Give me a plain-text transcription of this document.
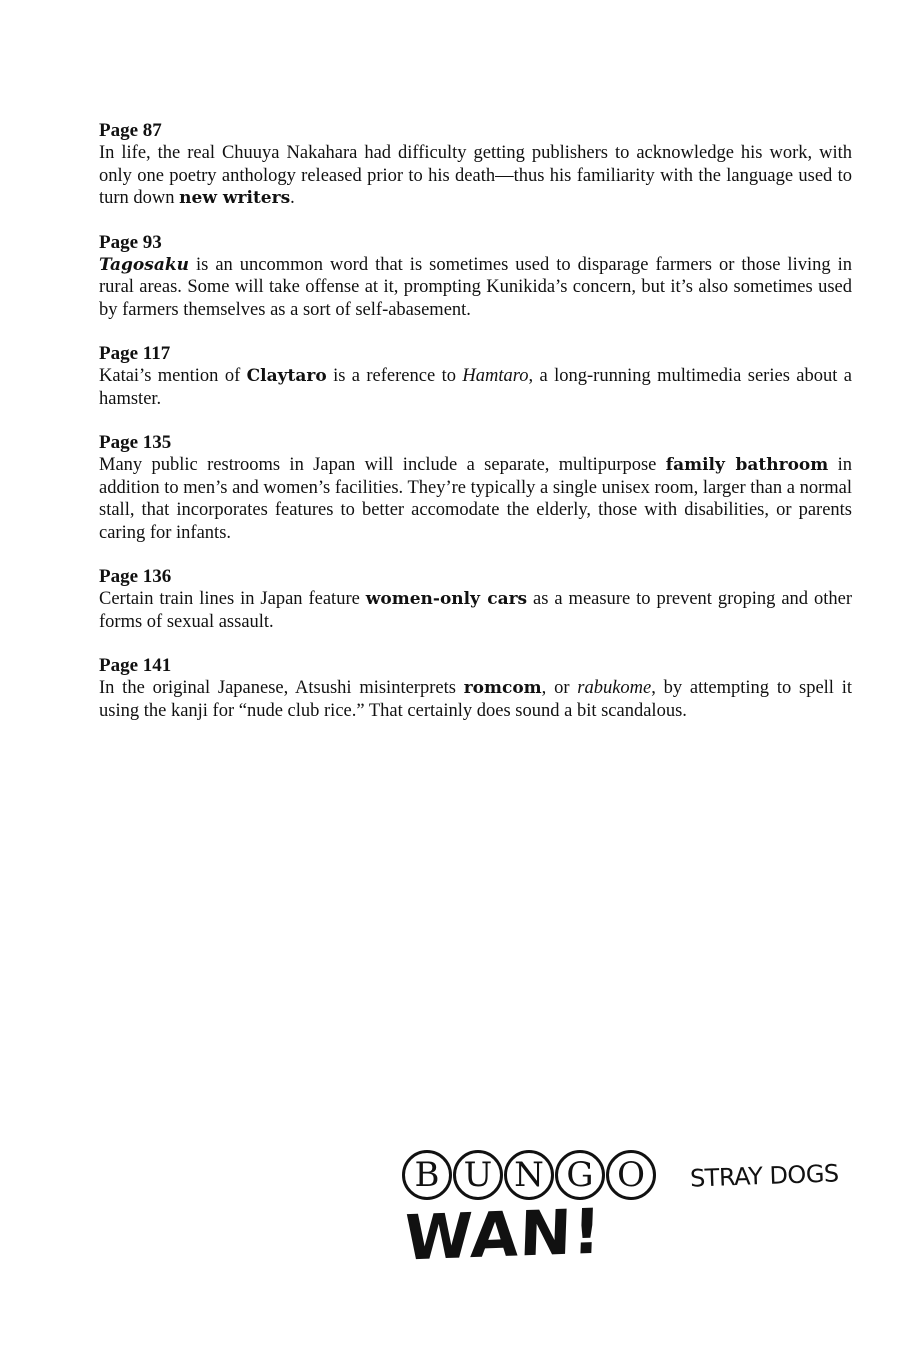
Page 87

In life, the real Chuuya Nakahara had difficulty getting publishers to acknowledge his work, with only one poetry anthology released prior to his death—thus his familiarity with the language used to turn down new writers.

Page 93

Tagosaku is an uncommon word that is sometimes used to disparage farmers or those living in rural areas. Some will take offense at it, prompting Kunikida’s concern, but it’s also sometimes used by farmers themselves as a sort of self-abasement.

Page 117

Katai’s mention of Claytaro is a reference to Hamtaro, a long-running multimedia series about a hamster.

Page 135

Many public restrooms in Japan will include a separate, multipurpose family bathroom in addition to men’s and women’s facilities. They’re typically a single unisex room, larger than a normal stall, that incorporates features to better accomodate the elderly, those with disabilities, or parents caring for infants.

Page 136

Certain train lines in Japan feature women-only cars as a measure to prevent groping and other forms of sexual assault.

Page 141

In the original Japanese, Atsushi misinterprets romcom, or rabukome, by attempting to spell it using the kanji for “nude club rice.” That certainly does sound a bit scandalous.

B U N G O	STRAY DOGS
WAN!
